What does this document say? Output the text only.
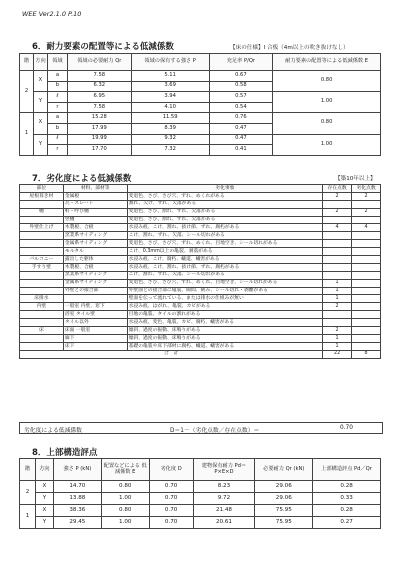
WEE Ver2.1.0 P.10
6．耐力要素の配置等による低減係数	【床の仕様】Ⅰ 合板（4m以上の吹き抜けなし）
階	方向	領域	領域の必要耐力 Qr	領域の保有する強さ P	充足率 P/Qr	耐力要素の配置等による低減係数 E
2	X	a	7.58	5.11	0.67	0.80
		b	6.32	3.69	0.58	
	Y	ℓ	6.95	3.94	0.57	1.00
		r	7.58	4.10	0.54	
1	X	a	15.28	11.59	0.76	0.80
		b	17.99	8.39	0.47	
	Y	ℓ	19.99	9.32	0.47	1.00
		r	17.70	7.32	0.41	
7．劣化度による低減係数	【築10年以上】
部位	材料、部材等	劣化事象	存在点数	劣化点数
屋根葺き材	金属板	変退色、さび、さび穴、ずれ、めくれがある	2	2
	瓦・スレート	割れ、欠け、ずれ、欠落がある		
樋	軒・呼び樋	変退色、さび、割れ、ずれ、欠落がある	2	2
	竪樋	変退色、さび、割れ、ずれ、欠落がある		
外壁仕上げ	木製板、合板	水浸み痕、こけ、割れ、抜け節、ずれ、腐朽がある	4	4
	窯業系サイディング	こけ、割れ、ずれ、欠落、シール切れがある		
	金属系サイディング	変退色、さび、さび穴、ずれ、めくれ、目地空き、シール切れがある		
	モルタル	こけ、0.3mm以上の亀裂、剥落がある		
バルコニー	露出した躯体	水浸み痕、こけ、腐朽、蟻道、蟻害がある		
手すり壁	木製板、合板	水浸み痕、こけ、割れ、抜け節、ずれ、腐朽がある		
	窯業系サイディング	こけ、割れ、ずれ、欠落、シール切れがある		
	金属系サイディング	変退色、さび、さび穴、ずれ、めくれ、目地空き、シール切れがある	1	
	外壁との接合部	外壁面との接合部に亀裂、隙間、緩み、シール切れ・剥離がある	1	
床排水		壁面を伝って流れている、または排水の仕組みが無い	1	
内壁	一般室 内壁、窓下	水浸み痕、はがれ、亀裂、カビがある	2	
	浴室 タイル壁	目地の亀裂、タイルの割れがある		
	タイル以外	水浸み痕、変色、亀裂、カビ、腐朽、蟻害がある		
床	床面 一般室	傾斜、過度の振動、床鳴りがある	2	
	廊下	傾斜、過度の振動、床鳴りがある	1	
	床下	基礎の亀裂や床下部材に腐朽、蟻道、蟻害がある	1	
合　計			22	8
劣化度による低減係数	D＝1－（劣化点数／存在点数）＝	0.70
8．上部構造評点
階	方向	強さ P (kN)	配置などによる 低減係数 E	劣化度 D	建物保有耐力 Pd＝P×E×D	必要耐力 Qr (kN)	上部構造評点 Pd／Qr
2	X	14.70	0.80	0.70	8.23	29.06	0.28
	Y	13.88	1.00	0.70	9.72	29.06	0.33
1	X	38.36	0.80	0.70	21.48	75.95	0.28
	Y	29.45	1.00	0.70	20.61	75.95	0.27
